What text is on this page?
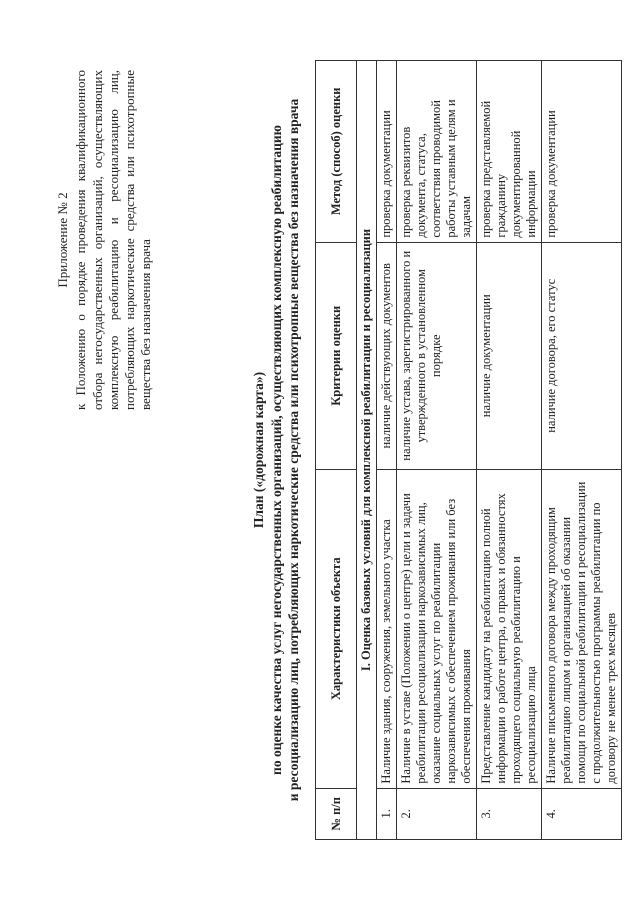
Приложение № 2 к Положению о порядке проведения квалификационного отбора негосударственных организаций, осуществляющих комплексную реабилитацию и ресоциализацию лиц, потребляющих наркотические средства или психотропные вещества без назначения врача
План («дорожная карта») по оценке качества услуг негосударственных организаций, осуществляющих комплексную реабилитацию и ресоциализацию лиц, потребляющих наркотические средства или психотропные вещества без назначения врача
№ п/п	Характеристики объекта	Критерии оценки	Метод (способ) оценки
I. Оценка базовых условий для комплексной реабилитации и ресоциализации			
1.	Наличие здания, сооружения, земельного участка	наличие действующих документов	проверка документации
2.	Наличие в уставе (Положении о центре) цели и задачи реабилитации ресоциализации наркозависимых лиц, оказание социальных услуг по реабилитации наркозависимых с обеспечением проживания или без обеспечения проживания	наличие устава, зарегистрированного и утвержденного в установленном порядке	проверка реквизитов документа, статуса, соответствия проводимой работы уставным целям и задачам
3.	Представление кандидату на реабилитацию полной информации о работе центра, о правах и обязанностях проходящего социальную реабилитацию и ресоциализацию лица	наличие документации	проверка представляемой гражданину документированной информации
4.	Наличие письменного договора между проходящим реабилитацию лицом и организацией об оказании помощи по социальной реабилитации и ресоциализации с продолжительностью программы реабилитации по договору не менее трех месяцев	наличие договора, его статус	проверка документации
